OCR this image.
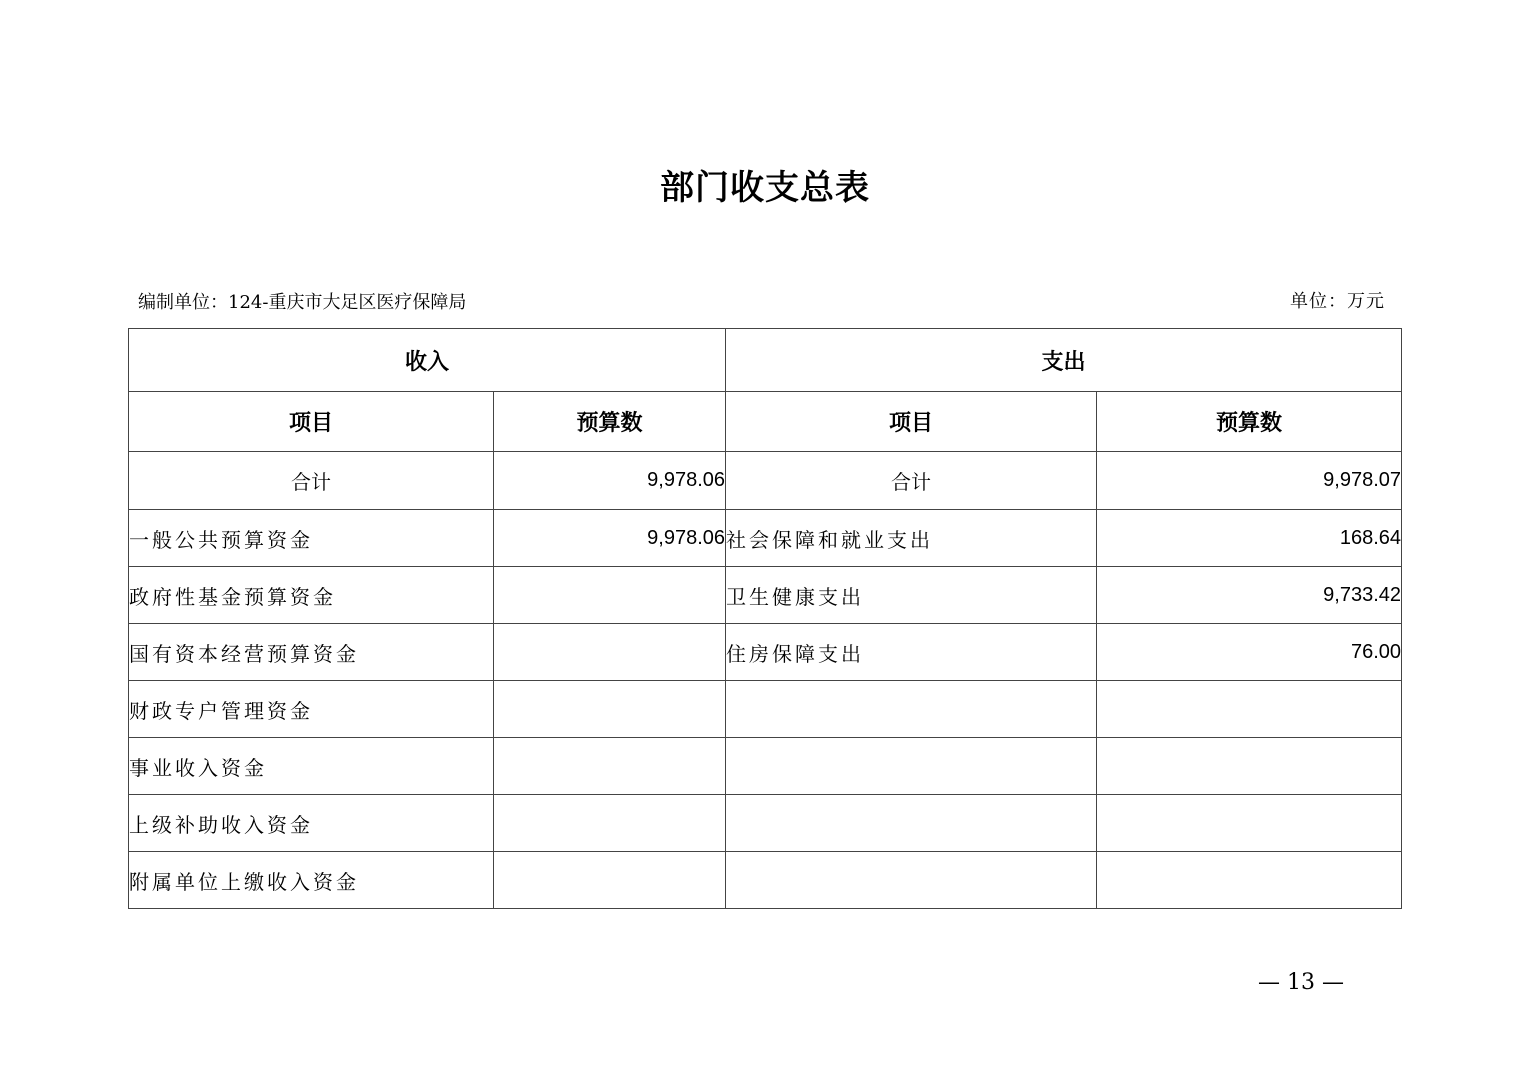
部门收支总表
编制单位：124-重庆市大足区医疗保障局	单位：万元
收入		支出	
项目	预算数	项目	预算数
合计	9,978.06	合计	9,978.07
一般公共预算资金	9,978.06	社会保障和就业支出	168.64
政府性基金预算资金		卫生健康支出	9,733.42
国有资本经营预算资金		住房保障支出	76.00
财政专户管理资金			
事业收入资金			
上级补助收入资金			
附属单位上缴收入资金			
— 13 —
